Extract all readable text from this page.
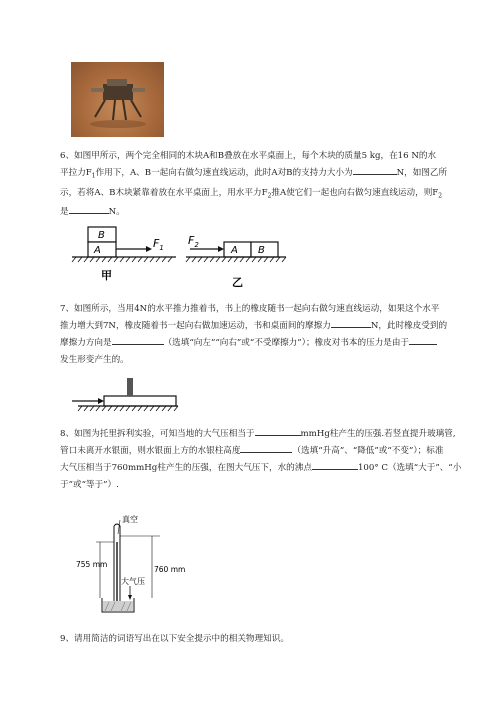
6、如图甲所示，两个完全相同的木块A和B叠放在水平桌面上，每个木块的质量5 kg，在16 N的水

平拉力$F_1$作用下，A、B一起向右做匀速直线运动，此时A对B的支持力大小为	N，如图乙所

示，若将A、B木块紧靠着放在水平桌面上，用水平力$F_2$推A使它们一起也向右做匀速直线运动，则$F_2$

是	N。

B
A
$F_1$
甲
$F_2$	A B
乙

7、如图所示，当用4N的水平推力推着书，书上的橡皮随书一起向右做匀速直线运动，如果这个水平

推力增大到7N，橡皮随着书一起向右做加速运动，书和桌面间的摩擦力	N，此时橡皮受到的

摩擦力方向是	（选填“向左”“向右”或“不受摩擦力”）；橡皮对书本的压力是由于

发生形变产生的。

8、如图为托里拆利实验，可知当地的大气压相当于	mmHg柱产生的压强.若竖直提升玻璃管,

管口未离开水银面，则水银面上方的水银柱高度	（选填“升高”、“降低”或“不变”）；标准

大气压相当于760mmHg柱产生的压强，在图大气压下，水的沸点	100° C（选填“大于”、“小

于”或“等于”）.

真空
755 mm
760 mm
大气压

9、请用简洁的词语写出在以下安全提示中的相关物理知识。
